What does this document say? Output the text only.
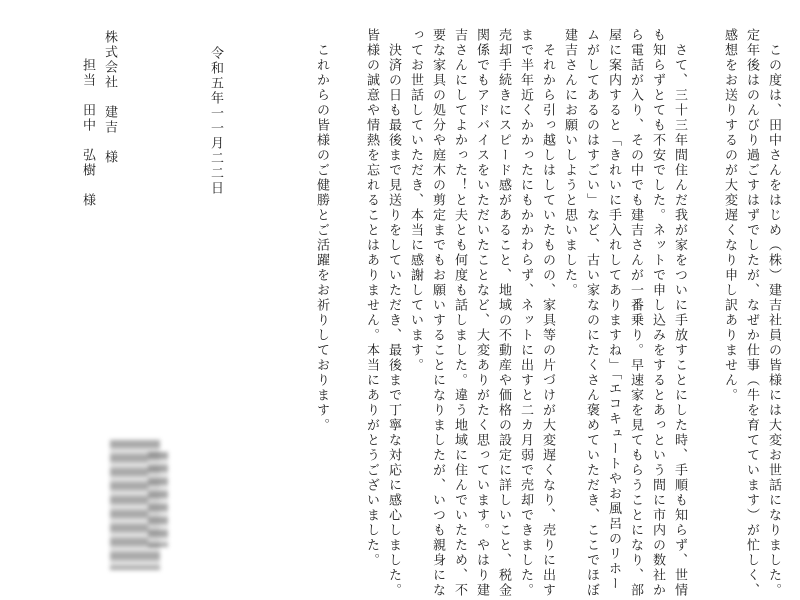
　この度は、田中さんをはじめ（株）建吉社員の皆様には大変お世話になりました。
定年後はのんびり過ごすはずでしたが、なぜか仕事（牛を育てています）が忙しく、
感想をお送りするのが大変遅くなり申し訳ありません。
　さて、三十三年間住んだ我が家をついに手放すことにした時、手順も知らず、世情
も知らずとても不安でした。ネットで申し込みをするとあっという間に市内の数社か
ら電話が入り、その中でも建吉さんが一番乗り。早速家を見てもらうことになり、部
屋に案内すると「きれいに手入れしてありますね」「エコキュートやお風呂のリホー
ムがしてあるのはすごい」など、古い家なのにたくさん褒めていただき、ここでほぼ
建吉さんにお願いしようと思いました。
　それから引っ越しはしていたものの、家具等の片づけが大変遅くなり、売りに出す
まで半年近くかかったにもかかわらず、ネットに出すと二カ月弱で売却できました。
売却手続きにスピード感があること、地域の不動産や価格の設定に詳しいこと、税金
関係でもアドバイスをいただいたことなど、大変ありがたく思っています。やはり建
吉さんにしてよかった！と夫とも何度も話しました。違う地域に住んでいたため、不
要な家具の処分や庭木の剪定までもお願いすることになりましたが、いつも親身にな
ってお世話していただき、本当に感謝しています。
　決済の日も最後まで見送りをしていただき、最後まで丁寧な対応に感心しました。
皆様の誠意や情熱を忘れることはありません。本当にありがとうございました。
　これからの皆様のご健勝とご活躍をお祈りしております。
令和五年一一月二二日
株式会社　建吉　様
担当　田中　弘樹　様
